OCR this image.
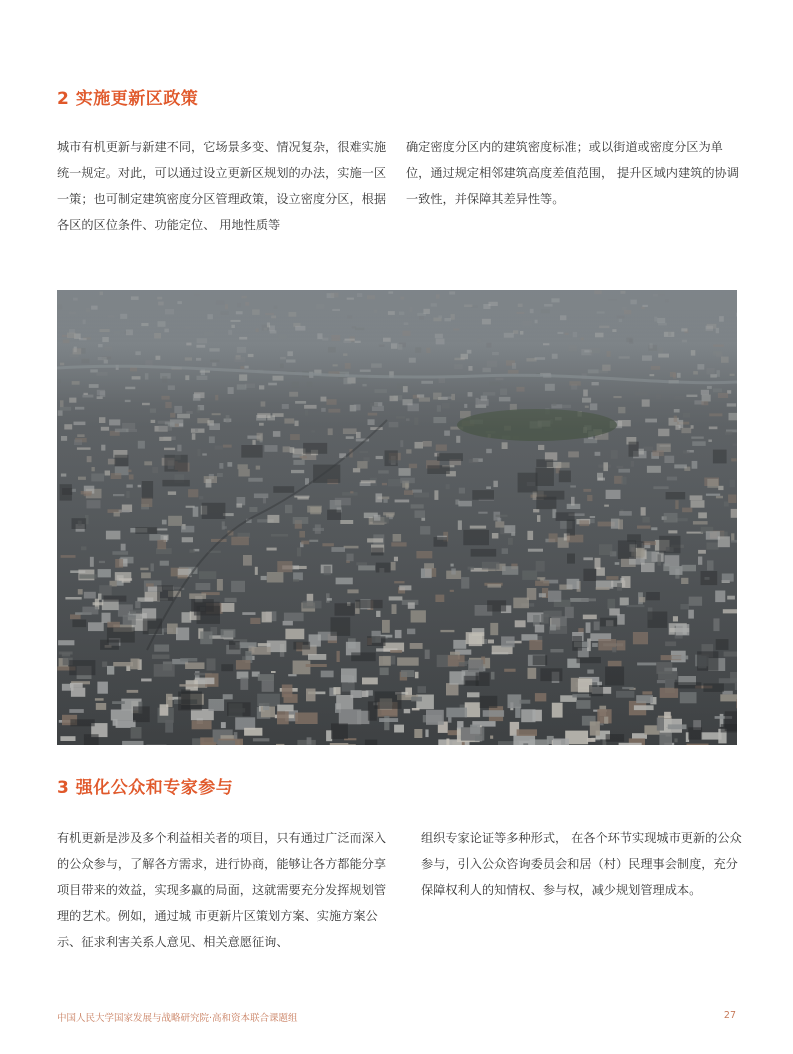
2 实施更新区政策

城市有机更新与新建不同，它场景多变、情况复杂，很难实施统一规定。对此，可以通过设立更新区规划的办法，实施一区一策；也可制定建筑密度分区管理政策，设立密度分区，根据各区的区位条件、功能定位、 用地性质等

确定密度分区内的建筑密度标准；或以街道或密度分区为单位，通过规定相邻建筑高度差值范围， 提升区域内建筑的协调一致性，并保障其差异性等。

3 强化公众和专家参与

有机更新是涉及多个利益相关者的项目，只有通过广泛而深入的公众参与，了解各方需求，进行协商，能够让各方都能分享项目带来的效益，实现多赢的局面，这就需要充分发挥规划管理的艺术。例如，通过城 市更新片区策划方案、实施方案公示、征求利害关系人意见、相关意愿征询、

组织专家论证等多种形式， 在各个环节实现城市更新的公众参与，引入公众咨询委员会和居（村）民理事会制度，充分保障权利人的知情权、参与权，减少规划管理成本。

中国人民大学国家发展与战略研究院·高和资本联合课题组	27
